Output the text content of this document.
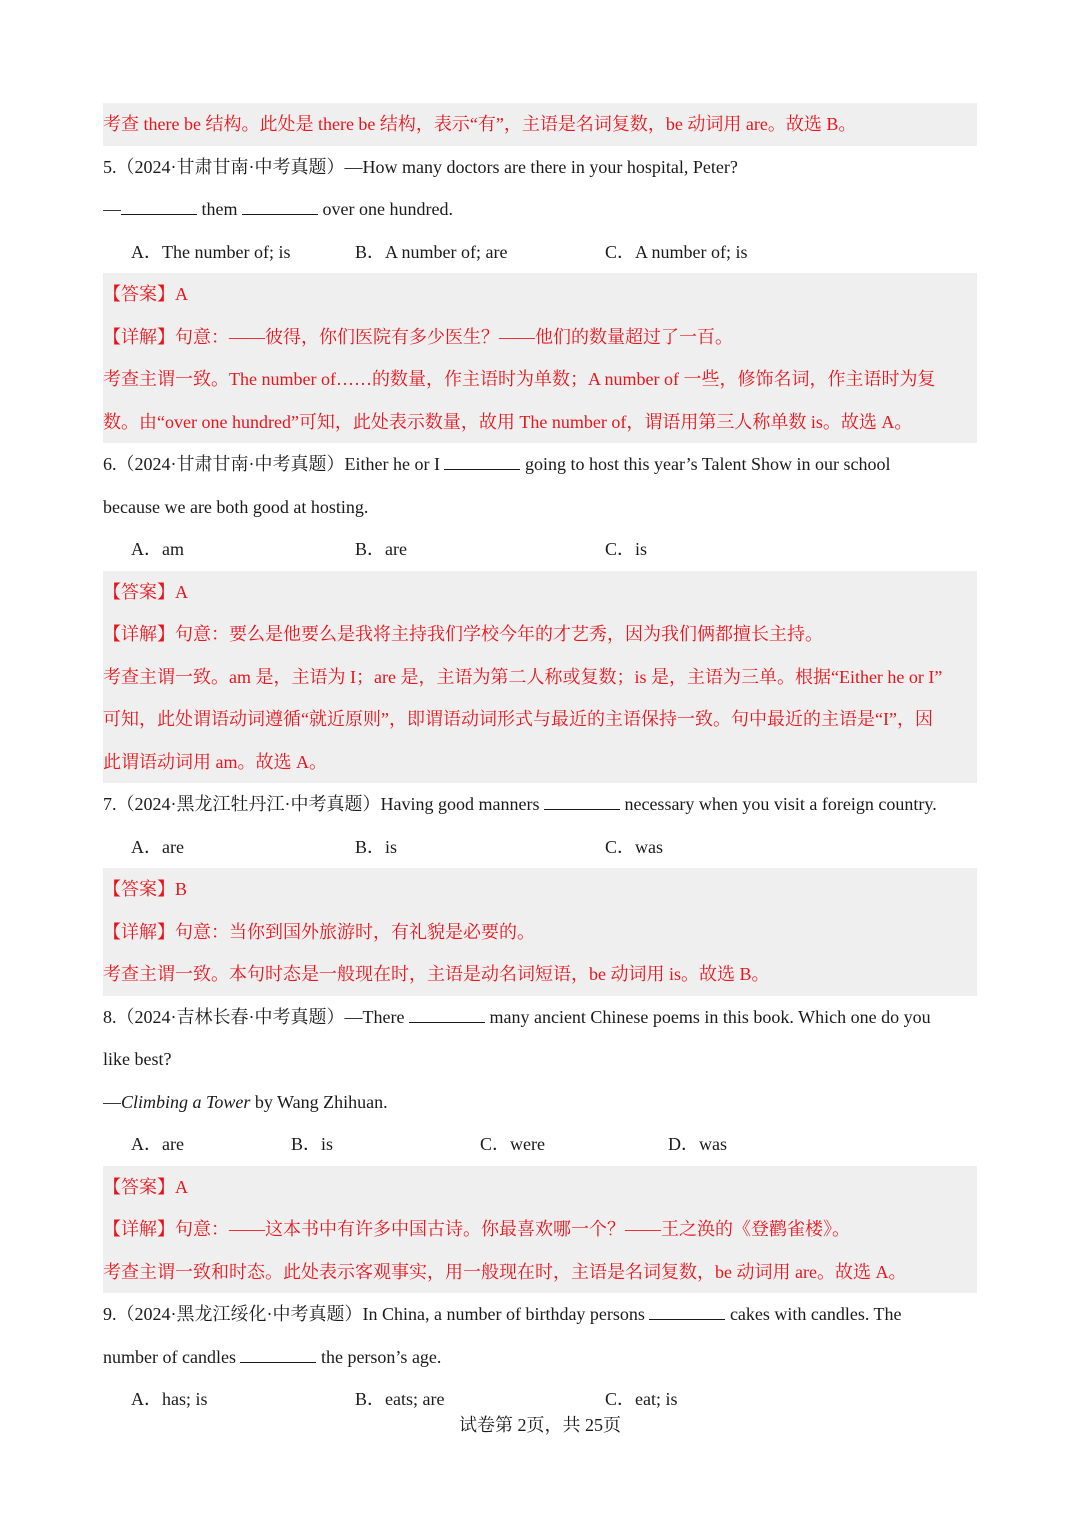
考查 there be 结构。此处是 there be 结构，表示“有”，主语是名词复数，be 动词用 are。故选 B。
5.（2024·甘肃甘南·中考真题）—How many doctors are there in your hospital, Peter?
—	them	over one hundred.
A．The number of; is	B．A number of; are	C．A number of; is
【答案】A
【详解】句意：——彼得，你们医院有多少医生？——他们的数量超过了一百。
考查主谓一致。The number of……的数量，作主语时为单数；A number of 一些，修饰名词，作主语时为复
数。由“over one hundred”可知，此处表示数量，故用 The number of，谓语用第三人称单数 is。故选 A。
6.（2024·甘肃甘南·中考真题）Either he or I	going to host this year’s Talent Show in our school
because we are both good at hosting.
A．am	B．are	C．is
【答案】A
【详解】句意：要么是他要么是我将主持我们学校今年的才艺秀，因为我们俩都擅长主持。
考查主谓一致。am 是，主语为 I；are 是，主语为第二人称或复数；is 是，主语为三单。根据“Either he or I”
可知，此处谓语动词遵循“就近原则”，即谓语动词形式与最近的主语保持一致。句中最近的主语是“I”，因
此谓语动词用 am。故选 A。
7.（2024·黑龙江牡丹江·中考真题）Having good manners	necessary when you visit a foreign country.
A．are	B．is	C．was
【答案】B
【详解】句意：当你到国外旅游时，有礼貌是必要的。
考查主谓一致。本句时态是一般现在时，主语是动名词短语，be 动词用 is。故选 B。
8.（2024·吉林长春·中考真题）—There	many ancient Chinese poems in this book. Which one do you
like best?
—Climbing a Tower by Wang Zhihuan.
A．are	B．is	C．were	D．was
【答案】A
【详解】句意：——这本书中有许多中国古诗。你最喜欢哪一个？——王之涣的《登鹳雀楼》。
考查主谓一致和时态。此处表示客观事实，用一般现在时，主语是名词复数，be 动词用 are。故选 A。
9.（2024·黑龙江绥化·中考真题）In China, a number of birthday persons	cakes with candles. The
number of candles	the person’s age.
A．has; is	B．eats; are	C．eat; is
试卷第 2页，共 25页
